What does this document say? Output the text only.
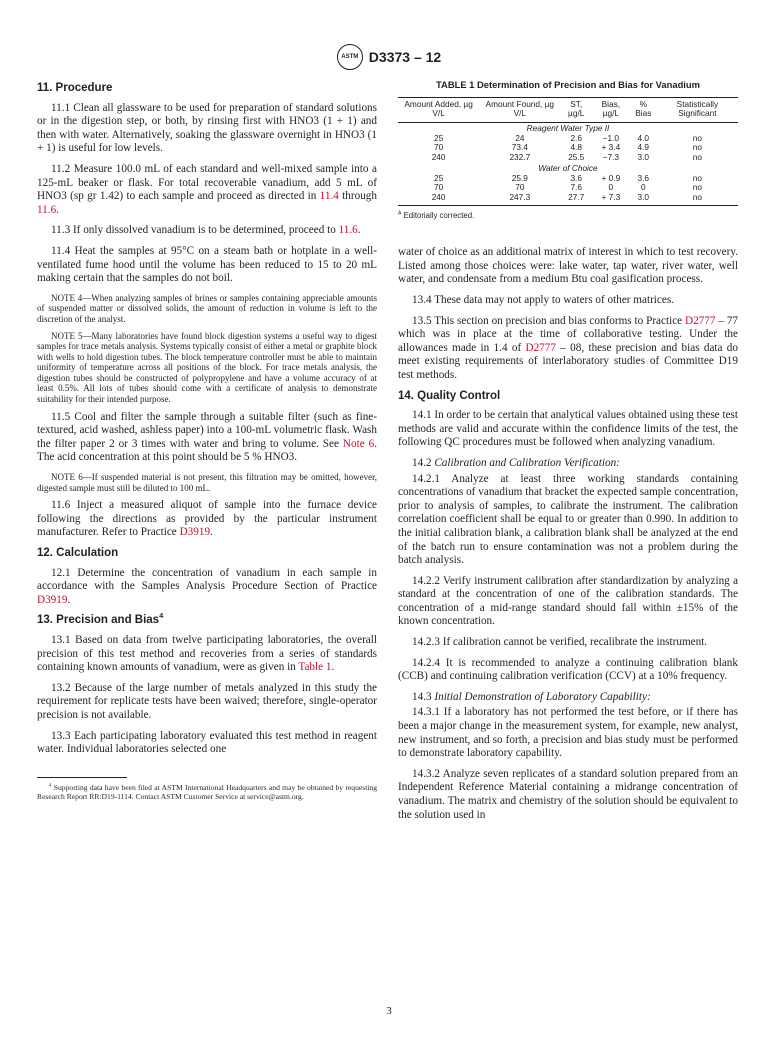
ASTM D3373 – 12
11. Procedure

11.1 Clean all glassware to be used for preparation of standard solutions or in the digestion step, or both, by rinsing first with HNO3 (1 + 1) and then with water. Alternatively, soaking the glassware overnight in HNO3 (1 + 1) is useful for low levels.

11.2 Measure 100.0 mL of each standard and well-mixed sample into a 125-mL beaker or flask. For total recoverable vanadium, add 5 mL of HNO3 (sp gr 1.42) to each sample and proceed as directed in 11.4 through 11.6.

11.3 If only dissolved vanadium is to be determined, proceed to 11.6.

11.4 Heat the samples at 95°C on a steam bath or hotplate in a well-ventilated fume hood until the volume has been reduced to 15 to 20 mL making certain that the samples do not boil.

NOTE 4—When analyzing samples of brines or samples containing appreciable amounts of suspended matter or dissolved solids, the amount of reduction in volume is left to the discretion of the analyst.

NOTE 5—Many laboratories have found block digestion systems a useful way to digest samples for trace metals analysis. Systems typically consist of either a metal or graphite block with wells to hold digestion tubes. The block temperature controller must be able to maintain uniformity of temperature across all positions of the block. For trace metals analysis, the digestion tubes should be constructed of polypropylene and have a volume accuracy of at least 0.5%. All lots of tubes should come with a certificate of analysis to demonstrate suitability for their intended purpose.

11.5 Cool and filter the sample through a suitable filter (such as fine-textured, acid washed, ashless paper) into a 100-mL volumetric flask. Wash the filter paper 2 or 3 times with water and bring to volume. See Note 6. The acid concentration at this point should be 5 % HNO3.

NOTE 6—If suspended material is not present, this filtration may be omitted, however, digested sample must still be diluted to 100 mL.

11.6 Inject a measured aliquot of sample into the furnace device following the directions as provided by the particular instrument manufacturer. Refer to Practice D3919.

12. Calculation

12.1 Determine the concentration of vanadium in each sample in accordance with the Samples Analysis Procedure Section of Practice D3919.

13. Precision and Bias$^4$

13.1 Based on data from twelve participating laboratories, the overall precision of this test method and recoveries from a series of standards containing known amounts of vanadium, were as given in Table 1.

13.2 Because of the large number of metals analyzed in this study the requirement for replicate tests have been waived; therefore, single-operator precision is not available.

13.3 Each participating laboratory evaluated this test method in reagent water. Individual laboratories selected one

$^4$ Supporting data have been filed at ASTM International Headquarters and may be obtained by requesting Research Report RR:D19-1114. Contact ASTM Customer Service at service@astm.org.

TABLE 1 Determination of Precision and Bias for Vanadium
Amount Added, µg V/L	Amount Found, µg V/L	ST, µg/L	Bias, µg/L	% Bias	Statistically Significant
Reagent Water Type II					
25	24	2.6	−1.0	4.0	no
70	73.4	4.8	+ 3.4	4.9	no
240	232.7	25.5	−7.3	3.0	no
Water of Choice					
25	25.9	3.6	+ 0.9	3.6	no
70	70	7.6	0	0	no
240	247.3	27.7	+ 7.3	3.0	no
$^A$ Editorially corrected.

water of choice as an additional matrix of interest in which to test recovery. Listed among those choices were: lake water, tap water, river water, well water, and condensate from a medium Btu coal gasification process.

13.4 These data may not apply to waters of other matrices.

13.5 This section on precision and bias conforms to Practice D2777 – 77 which was in place at the time of collaborative testing. Under the allowances made in 1.4 of D2777 – 08, these precision and bias data do meet existing requirements of interlaboratory studies of Committee D19 test methods.

14. Quality Control

14.1 In order to be certain that analytical values obtained using these test methods are valid and accurate within the confidence limits of the test, the following QC procedures must be followed when analyzing vanadium.

14.2 Calibration and Calibration Verification:

14.2.1 Analyze at least three working standards containing concentrations of vanadium that bracket the expected sample concentration, prior to analysis of samples, to calibrate the instrument. The calibration correlation coefficient shall be equal to or greater than 0.990. In addition to the initial calibration blank, a calibration blank shall be analyzed at the end of the batch run to ensure contamination was not a problem during the batch analysis.

14.2.2 Verify instrument calibration after standardization by analyzing a standard at the concentration of one of the calibration standards. The concentration of a mid-range standard should fall within ±15% of the known concentration.

14.2.3 If calibration cannot be verified, recalibrate the instrument.

14.2.4 It is recommended to analyze a continuing calibration blank (CCB) and continuing calibration verification (CCV) at a 10% frequency.

14.3 Initial Demonstration of Laboratory Capability:

14.3.1 If a laboratory has not performed the test before, or if there has been a major change in the measurement system, for example, new analyst, new instrument, and so forth, a precision and bias study must be performed to demonstrate laboratory capability.

14.3.2 Analyze seven replicates of a standard solution prepared from an Independent Reference Material containing a midrange concentration of vanadium. The matrix and chemistry of the solution should be equivalent to the solution used in

3
